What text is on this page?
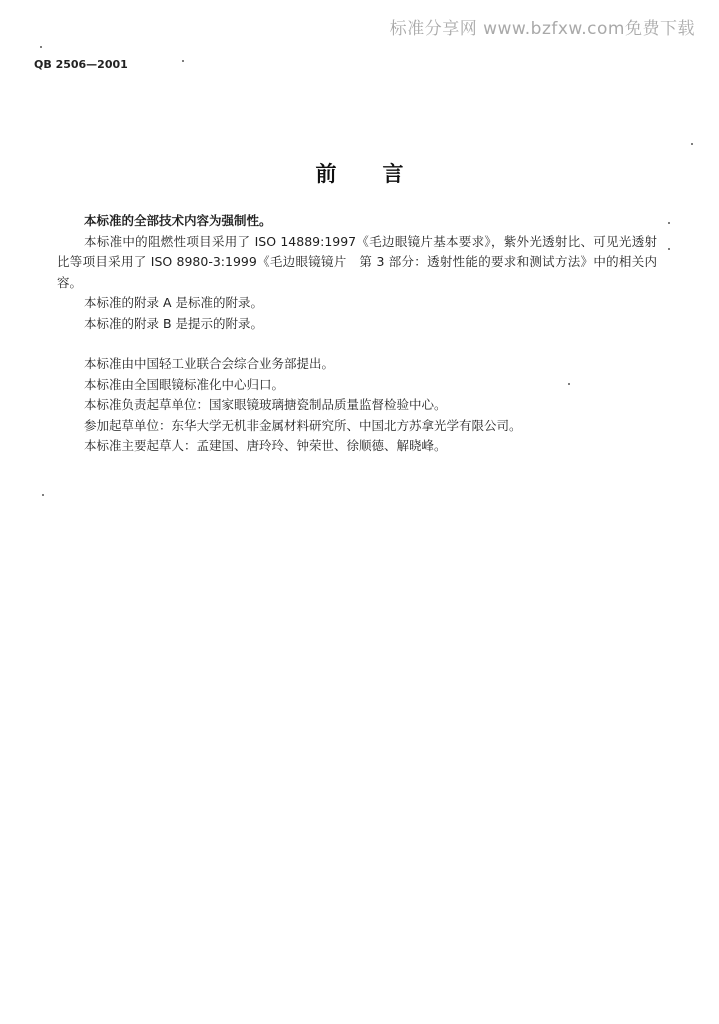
标准分享网 www.bzfxw.com免费下载
QB 2506—2001
前言

本标准的全部技术内容为强制性。

本标准中的阻燃性项目采用了 ISO 14889:1997《毛边眼镜片基本要求》，紫外光透射比、可见光透射比等项目采用了 ISO 8980-3:1999《毛边眼镜镜片　第 3 部分：透射性能的要求和测试方法》中的相关内容。

本标准的附录 A 是标准的附录。

本标准的附录 B 是提示的附录。

本标准由中国轻工业联合会综合业务部提出。

本标准由全国眼镜标准化中心归口。

本标准负责起草单位：国家眼镜玻璃搪瓷制品质量监督检验中心。

参加起草单位：东华大学无机非金属材料研究所、中国北方苏拿光学有限公司。

本标准主要起草人：孟建国、唐玲玲、钟荣世、徐顺德、解晓峰。
